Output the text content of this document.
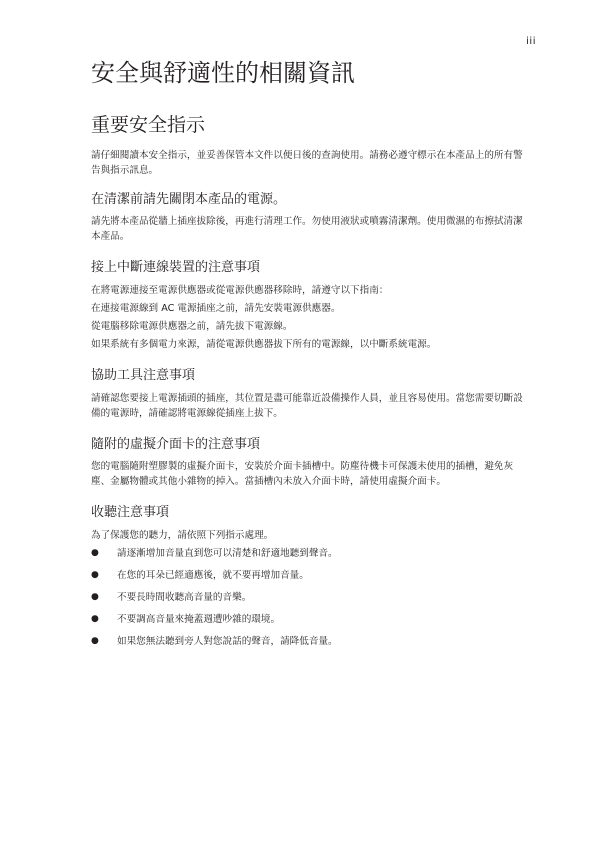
iii
安全與舒適性的相關資訊
重要安全指示

請仔細閱讀本安全指示，並妥善保管本文件以便日後的查詢使用。請務必遵守標示在本產品上的所有警告與指示訊息。

在清潔前請先關閉本產品的電源。

請先將本產品從牆上插座拔除後，再進行清理工作。勿使用液狀或噴霧清潔劑。使用微濕的布擦拭清潔本產品。

接上中斷連線裝置的注意事項

在將電源連接至電源供應器或從電源供應器移除時，請遵守以下指南：

在連接電源線到 AC 電源插座之前，請先安裝電源供應器。

從電腦移除電源供應器之前，請先拔下電源線。

如果系統有多個電力來源，請從電源供應器拔下所有的電源線，以中斷系統電源。

協助工具注意事項

請確認您要接上電源插頭的插座，其位置是盡可能靠近設備操作人員，並且容易使用。當您需要切斷設備的電源時，請確認將電源線從插座上拔下。

隨附的虛擬介面卡的注意事項

您的電腦隨附塑膠製的虛擬介面卡，安裝於介面卡插槽中。防塵待機卡可保護未使用的插槽，避免灰塵、金屬物體或其他小雜物的掉入。當插槽內未放入介面卡時，請使用虛擬介面卡。

收聽注意事項

為了保護您的聽力，請依照下列指示處理。

● 請逐漸增加音量直到您可以清楚和舒適地聽到聲音。
● 在您的耳朵已經適應後，就不要再增加音量。
● 不要長時間收聽高音量的音樂。
● 不要調高音量來掩蓋週遭吵雜的環境。
● 如果您無法聽到旁人對您說話的聲音，請降低音量。
